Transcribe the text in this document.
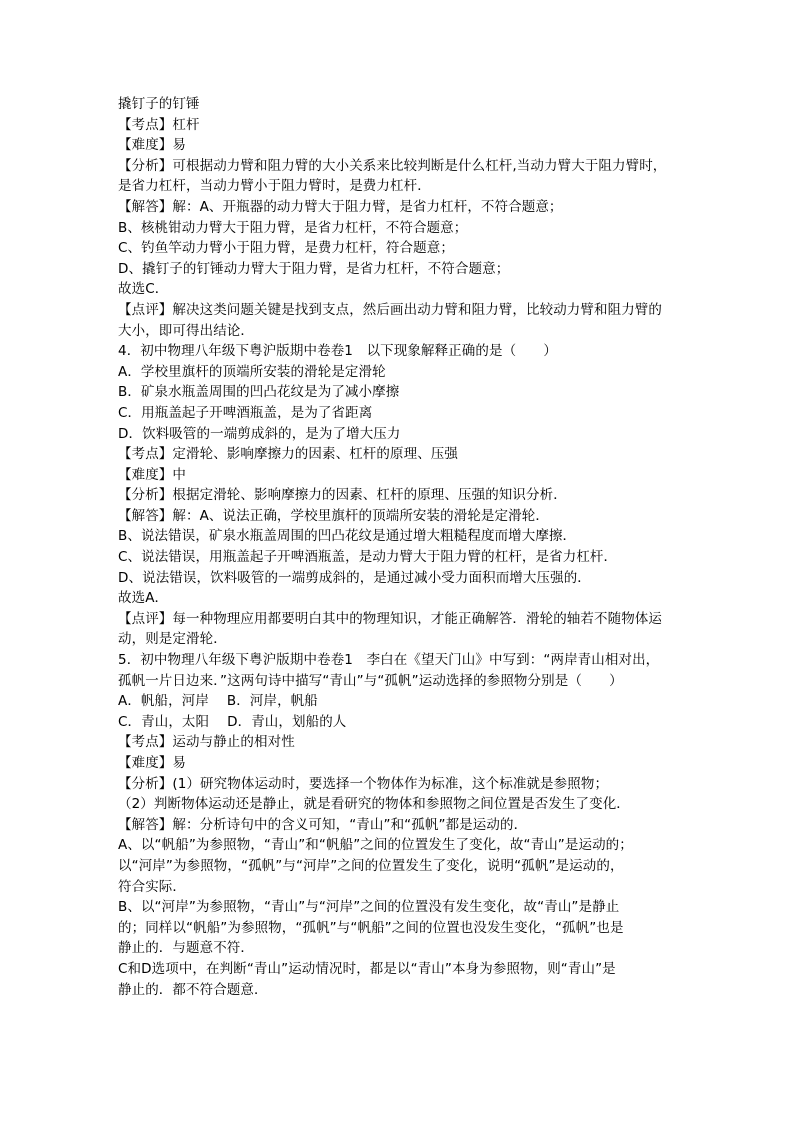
撬钉子的钉锤
【考点】杠杆
【难度】易
【分析】可根据动力臂和阻力臂的大小关系来比较判断是什么杠杆,当动力臂大于阻力臂时，
是省力杠杆，当动力臂小于阻力臂时，是费力杠杆．
【解答】解：A、开瓶器的动力臂大于阻力臂，是省力杠杆，不符合题意；
B、核桃钳动力臂大于阻力臂，是省力杠杆，不符合题意；
C、钓鱼竿动力臂小于阻力臂，是费力杠杆，符合题意；
D、撬钉子的钉锤动力臂大于阻力臂，是省力杠杆，不符合题意；
故选C．
【点评】解决这类问题关键是找到支点，然后画出动力臂和阻力臂，比较动力臂和阻力臂的
大小，即可得出结论．
4．初中物理八年级下粤沪版期中卷卷1　以下现象解释正确的是（　　）
A．学校里旗杆的顶端所安装的滑轮是定滑轮
B．矿泉水瓶盖周围的凹凸花纹是为了减小摩擦
C．用瓶盖起子开啤酒瓶盖，是为了省距离
D．饮料吸管的一端剪成斜的，是为了增大压力
【考点】定滑轮、影响摩擦力的因素、杠杆的原理、压强
【难度】中
【分析】根据定滑轮、影响摩擦力的因素、杠杆的原理、压强的知识分析．
【解答】解：A、说法正确，学校里旗杆的顶端所安装的滑轮是定滑轮．
B、说法错误，矿泉水瓶盖周围的凹凸花纹是通过增大粗糙程度而增大摩擦．
C、说法错误，用瓶盖起子开啤酒瓶盖，是动力臂大于阻力臂的杠杆，是省力杠杆．
D、说法错误，饮料吸管的一端剪成斜的，是通过减小受力面积而增大压强的．
故选A．
【点评】每一种物理应用都要明白其中的物理知识，才能正确解答．滑轮的轴若不随物体运
动，则是定滑轮．
5．初中物理八年级下粤沪版期中卷卷1　李白在《望天门山》中写到：“两岸青山相对出，
孤帆一片日边来．”这两句诗中描写“青山”与“孤帆”运动选择的参照物分别是（　　）
A．帆船，河岸　 B．河岸，帆船
C．青山，太阳　 D．青山，划船的人
【考点】运动与静止的相对性
【难度】易
【分析】(1）研究物体运动时，要选择一个物体作为标准，这个标准就是参照物；
（2）判断物体运动还是静止，就是看研究的物体和参照物之间位置是否发生了变化．
【解答】解：分析诗句中的含义可知，“青山”和“孤帆”都是运动的．
A、以“帆船”为参照物，“青山”和“帆船”之间的位置发生了变化，故“青山”是运动的；
以“河岸”为参照物，“孤帆”与“河岸”之间的位置发生了变化，说明“孤帆”是运动的，
符合实际．
B、以“河岸”为参照物，“青山”与“河岸”之间的位置没有发生变化，故“青山”是静止
的；同样以“帆船”为参照物，“孤帆”与“帆船”之间的位置也没发生变化，“孤帆”也是
静止的．与题意不符．
C和D选项中，在判断“青山”运动情况时，都是以“青山”本身为参照物，则“青山”是
静止的．都不符合题意．
